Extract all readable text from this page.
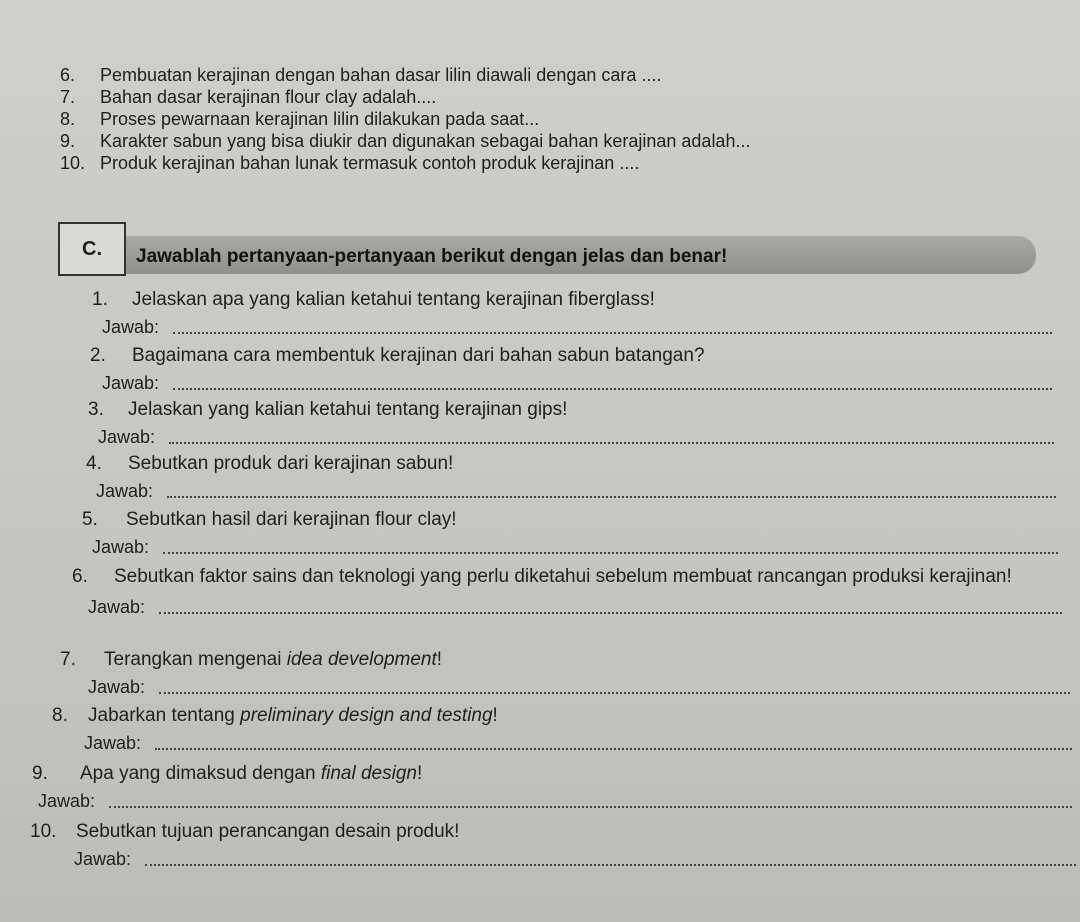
6.	Pembuatan kerajinan dengan bahan dasar lilin diawali dengan cara ....
7.	Bahan dasar kerajinan flour clay adalah....
8.	Proses pewarnaan kerajinan lilin dilakukan pada saat...
9.	Karakter sabun yang bisa diukir dan digunakan sebagai bahan kerajinan adalah...
10. Produk kerajinan bahan lunak termasuk contoh produk kerajinan ....
C.	Jawablah pertanyaan-pertanyaan berikut dengan jelas dan benar!
1.	Jelaskan apa yang kalian ketahui tentang kerajinan fiberglass!
Jawab:
2.	Bagaimana cara membentuk kerajinan dari bahan sabun batangan?
Jawab:
3.	Jelaskan yang kalian ketahui tentang kerajinan gips!
Jawab:
4.	Sebutkan produk dari kerajinan sabun!
Jawab:
5.	Sebutkan hasil dari kerajinan flour clay!
Jawab:
6.	Sebutkan faktor sains dan teknologi yang perlu diketahui sebelum membuat rancangan produksi kerajinan!
Jawab:
7.	Terangkan mengenai idea development!
Jawab:
8.	Jabarkan tentang preliminary design and testing!
Jawab:
9.	Apa yang dimaksud dengan final design!
Jawab:
10.	Sebutkan tujuan perancangan desain produk!
Jawab:
